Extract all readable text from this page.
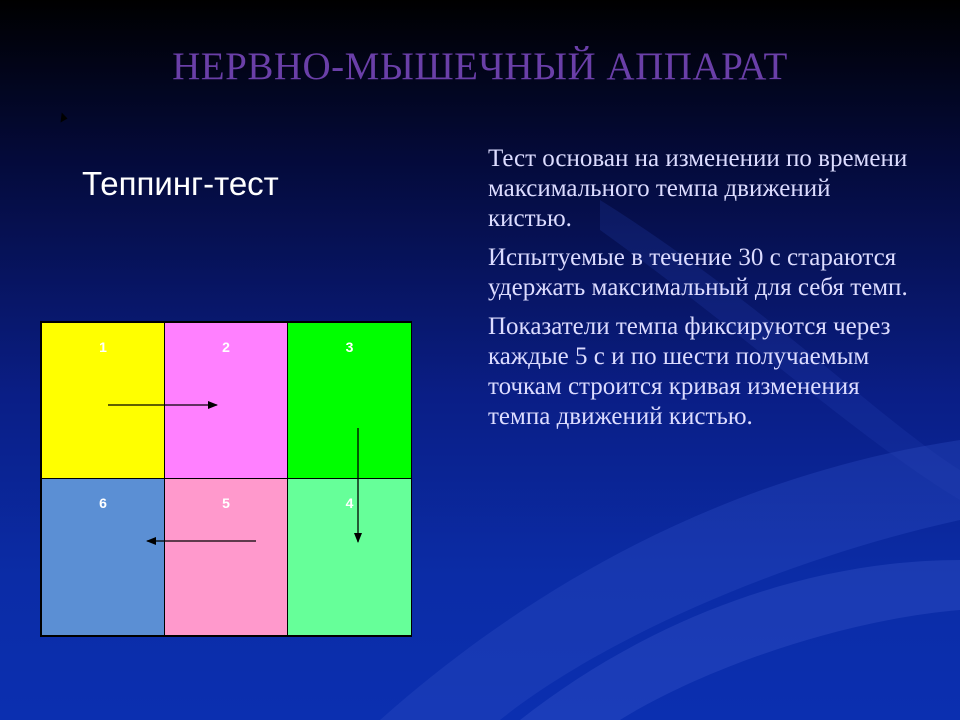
НЕРВНО-МЫШЕЧНЫЙ АППАРАТ
Теппинг-тест

Тест основан на изменении по времени максимального темпа движений кистью.

Испытуемые в течение 30 с стараются удержать максимальный для себя темп.

Показатели темпа фиксируются через каждые 5 с и по шести получаемым точкам строится кривая изменения темпа движений кистью.

1	2	3
6	5	4
